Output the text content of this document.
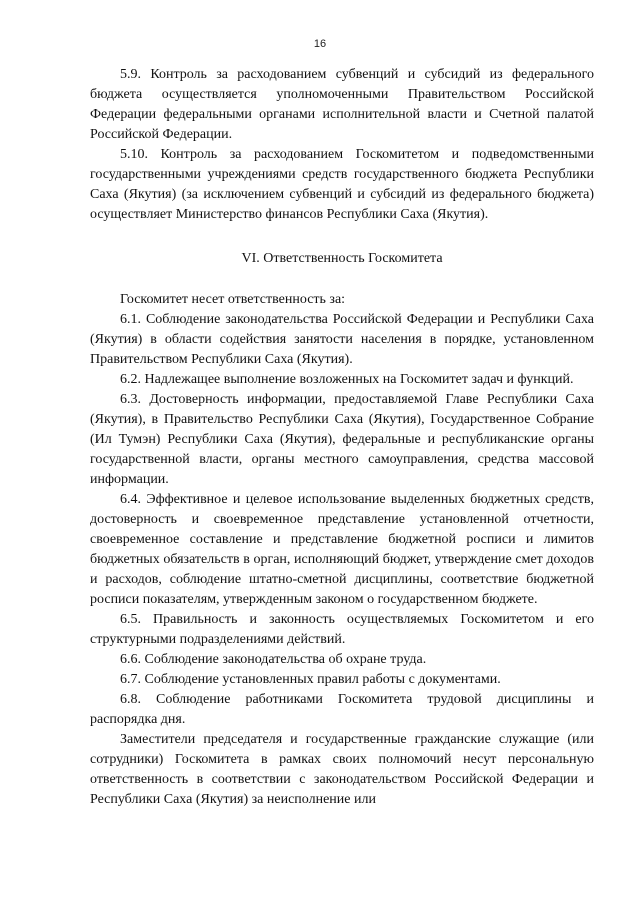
16

5.9. Контроль за расходованием субвенций и субсидий из федерального бюджета осуществляется уполномоченными Правительством Российской Федерации федеральными органами исполнительной власти и Счетной палатой Российской Федерации.

5.10. Контроль за расходованием Госкомитетом и подведомственными государственными учреждениями средств государственного бюджета Республики Саха (Якутия) (за исключением субвенций и субсидий из федерального бюджета) осуществляет Министерство финансов Республики Саха (Якутия).

VI. Ответственность Госкомитета

Госкомитет несет ответственность за:

6.1. Соблюдение законодательства Российской Федерации и Республики Саха (Якутия) в области содействия занятости населения в порядке, установленном Правительством Республики Саха (Якутия).

6.2. Надлежащее выполнение возложенных на Госкомитет задач и функций.

6.3. Достоверность информации, предоставляемой Главе Республики Саха (Якутия), в Правительство Республики Саха (Якутия), Государственное Собрание (Ил Тумэн) Республики Саха (Якутия), федеральные и республиканские органы государственной власти, органы местного самоуправления, средства массовой информации.

6.4. Эффективное и целевое использование выделенных бюджетных средств, достоверность и своевременное представление установленной отчетности, своевременное составление и представление бюджетной росписи и лимитов бюджетных обязательств в орган, исполняющий бюджет, утверждение смет доходов и расходов, соблюдение штатно-сметной дисциплины, соответствие бюджетной росписи показателям, утвержденным законом о государственном бюджете.

6.5. Правильность и законность осуществляемых Госкомитетом и его структурными подразделениями действий.

6.6. Соблюдение законодательства об охране труда.

6.7. Соблюдение установленных правил работы с документами.

6.8. Соблюдение работниками Госкомитета трудовой дисциплины и распорядка дня.

Заместители председателя и государственные гражданские служащие (или сотрудники) Госкомитета в рамках своих полномочий несут персональную ответственность в соответствии с законодательством Российской Федерации и Республики Саха (Якутия) за неисполнение или
